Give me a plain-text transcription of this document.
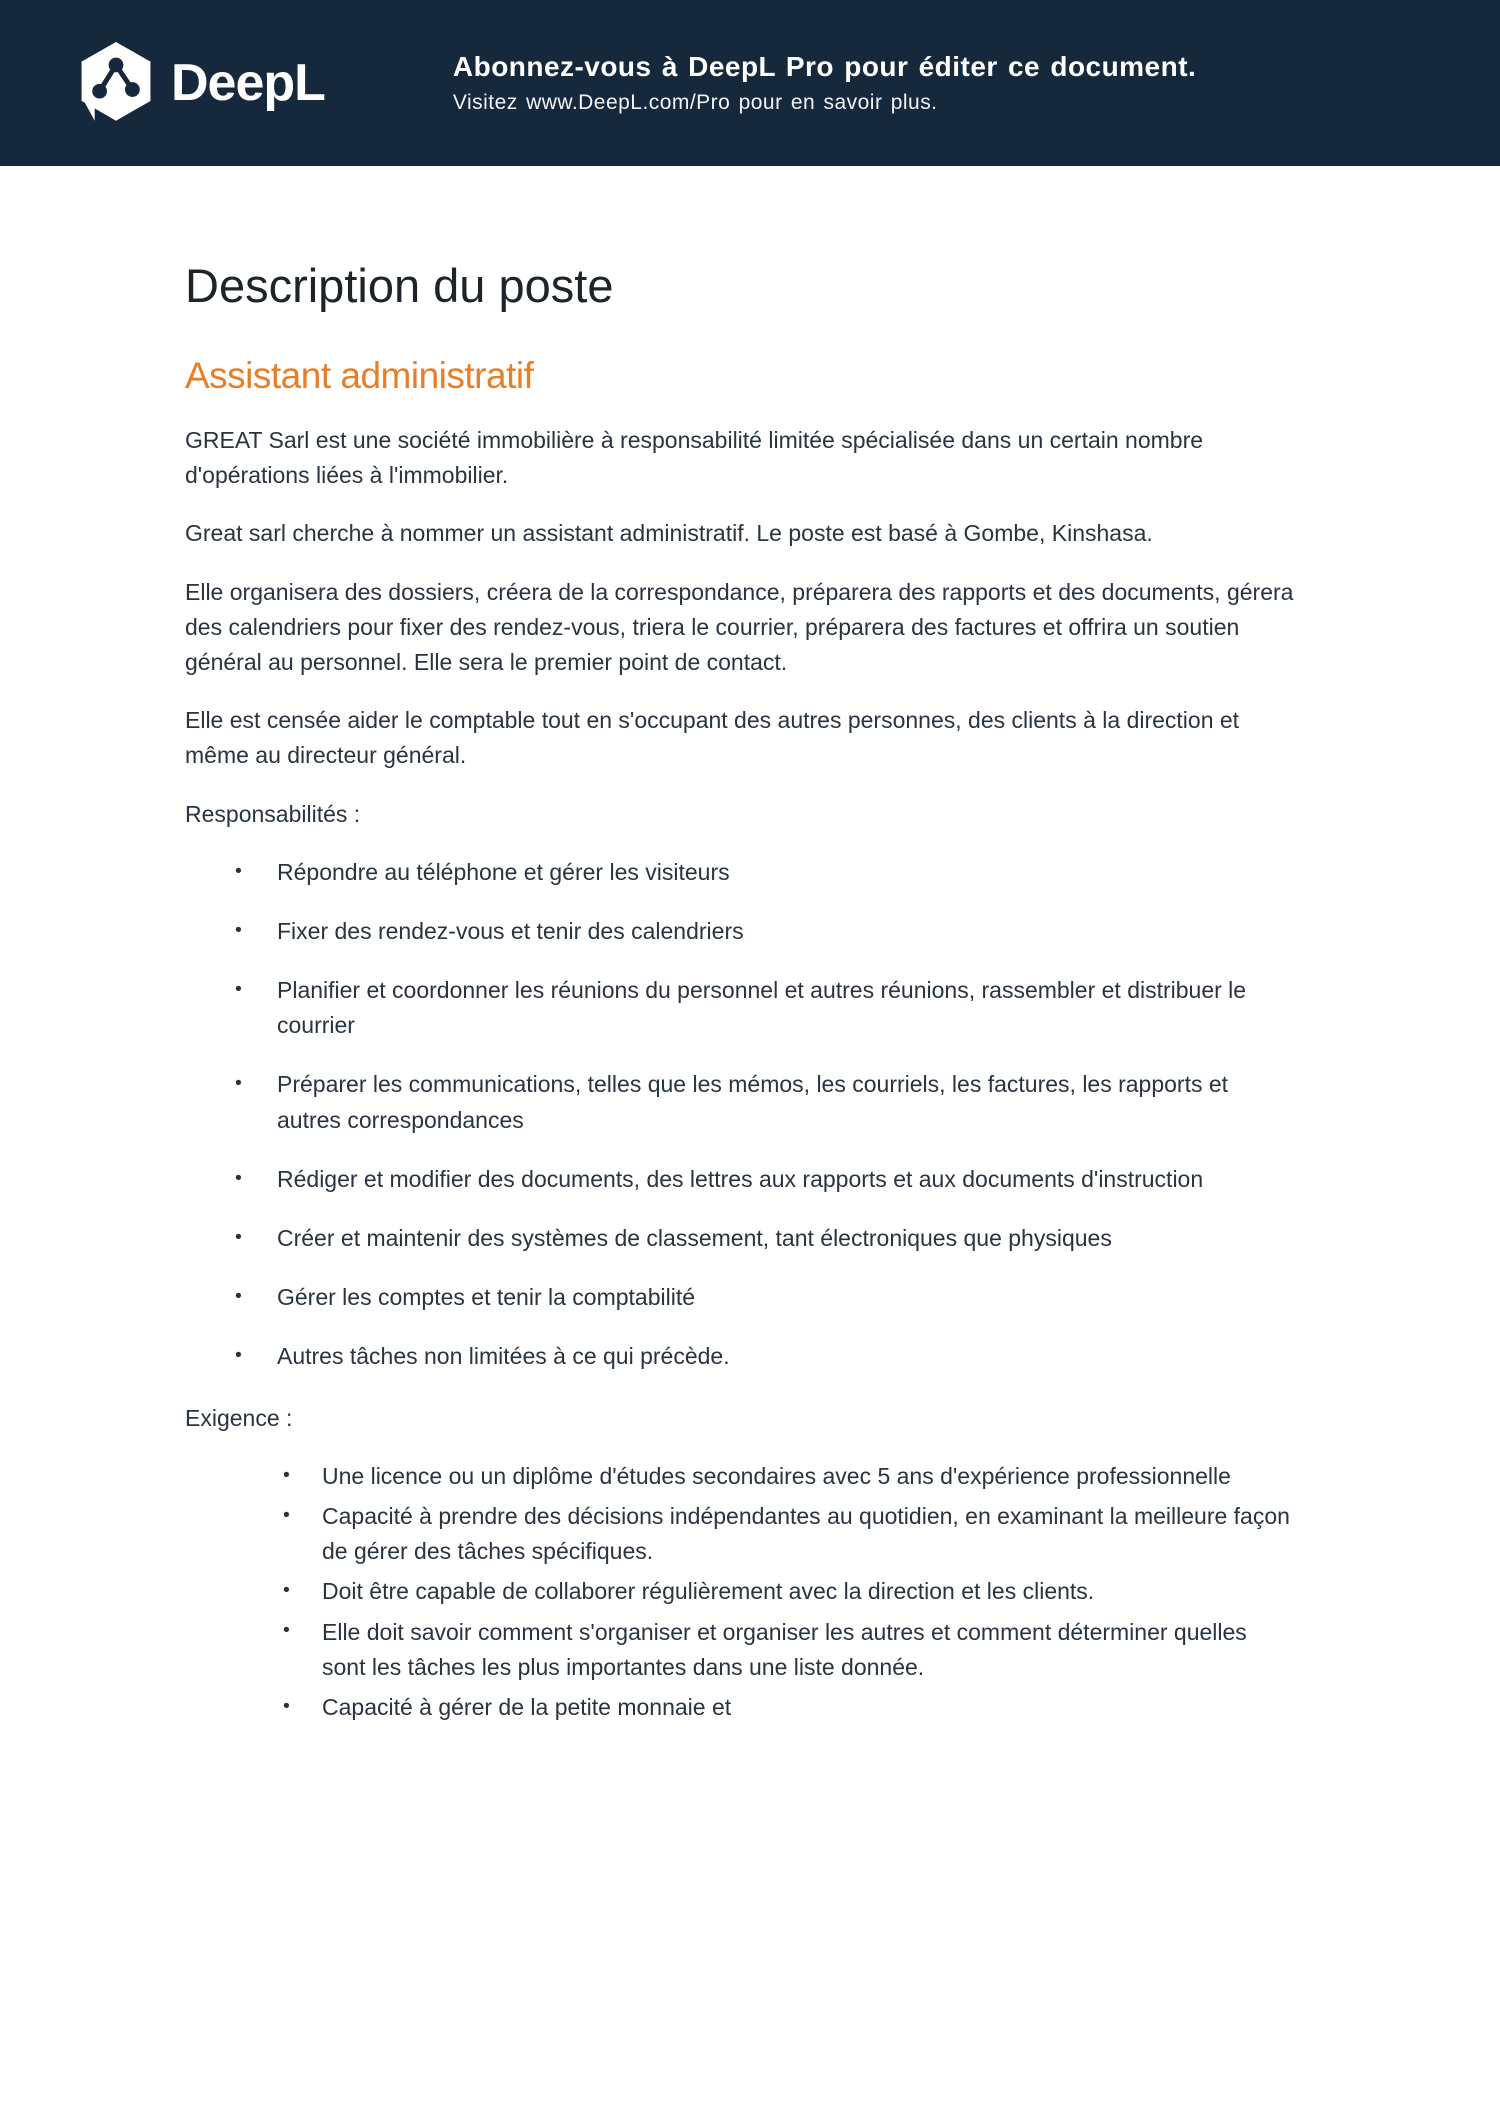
DeepL	Abonnez-vous à DeepL Pro pour éditer ce document.
Visitez www.DeepL.com/Pro pour en savoir plus.
Description du poste
Assistant administratif

GREAT Sarl est une société immobilière à responsabilité limitée spécialisée dans un certain nombre d'opérations liées à l'immobilier.

Great sarl cherche à nommer un assistant administratif. Le poste est basé à Gombe, Kinshasa.

Elle organisera des dossiers, créera de la correspondance, préparera des rapports et des documents, gérera des calendriers pour fixer des rendez-vous, triera le courrier, préparera des factures et offrira un soutien général au personnel. Elle sera le premier point de contact.

Elle est censée aider le comptable tout en s'occupant des autres personnes, des clients à la direction et même au directeur général.

Responsabilités :

• Répondre au téléphone et gérer les visiteurs
• Fixer des rendez-vous et tenir des calendriers
• Planifier et coordonner les réunions du personnel et autres réunions, rassembler et distribuer le courrier
• Préparer les communications, telles que les mémos, les courriels, les factures, les rapports et autres correspondances
• Rédiger et modifier des documents, des lettres aux rapports et aux documents d'instruction
• Créer et maintenir des systèmes de classement, tant électroniques que physiques
• Gérer les comptes et tenir la comptabilité
• Autres tâches non limitées à ce qui précède.

Exigence :

• Une licence ou un diplôme d'études secondaires avec 5 ans d'expérience professionnelle
• Capacité à prendre des décisions indépendantes au quotidien, en examinant la meilleure façon de gérer des tâches spécifiques.
• Doit être capable de collaborer régulièrement avec la direction et les clients.
• Elle doit savoir comment s'organiser et organiser les autres et comment déterminer quelles sont les tâches les plus importantes dans une liste donnée.
• Capacité à gérer de la petite monnaie et
